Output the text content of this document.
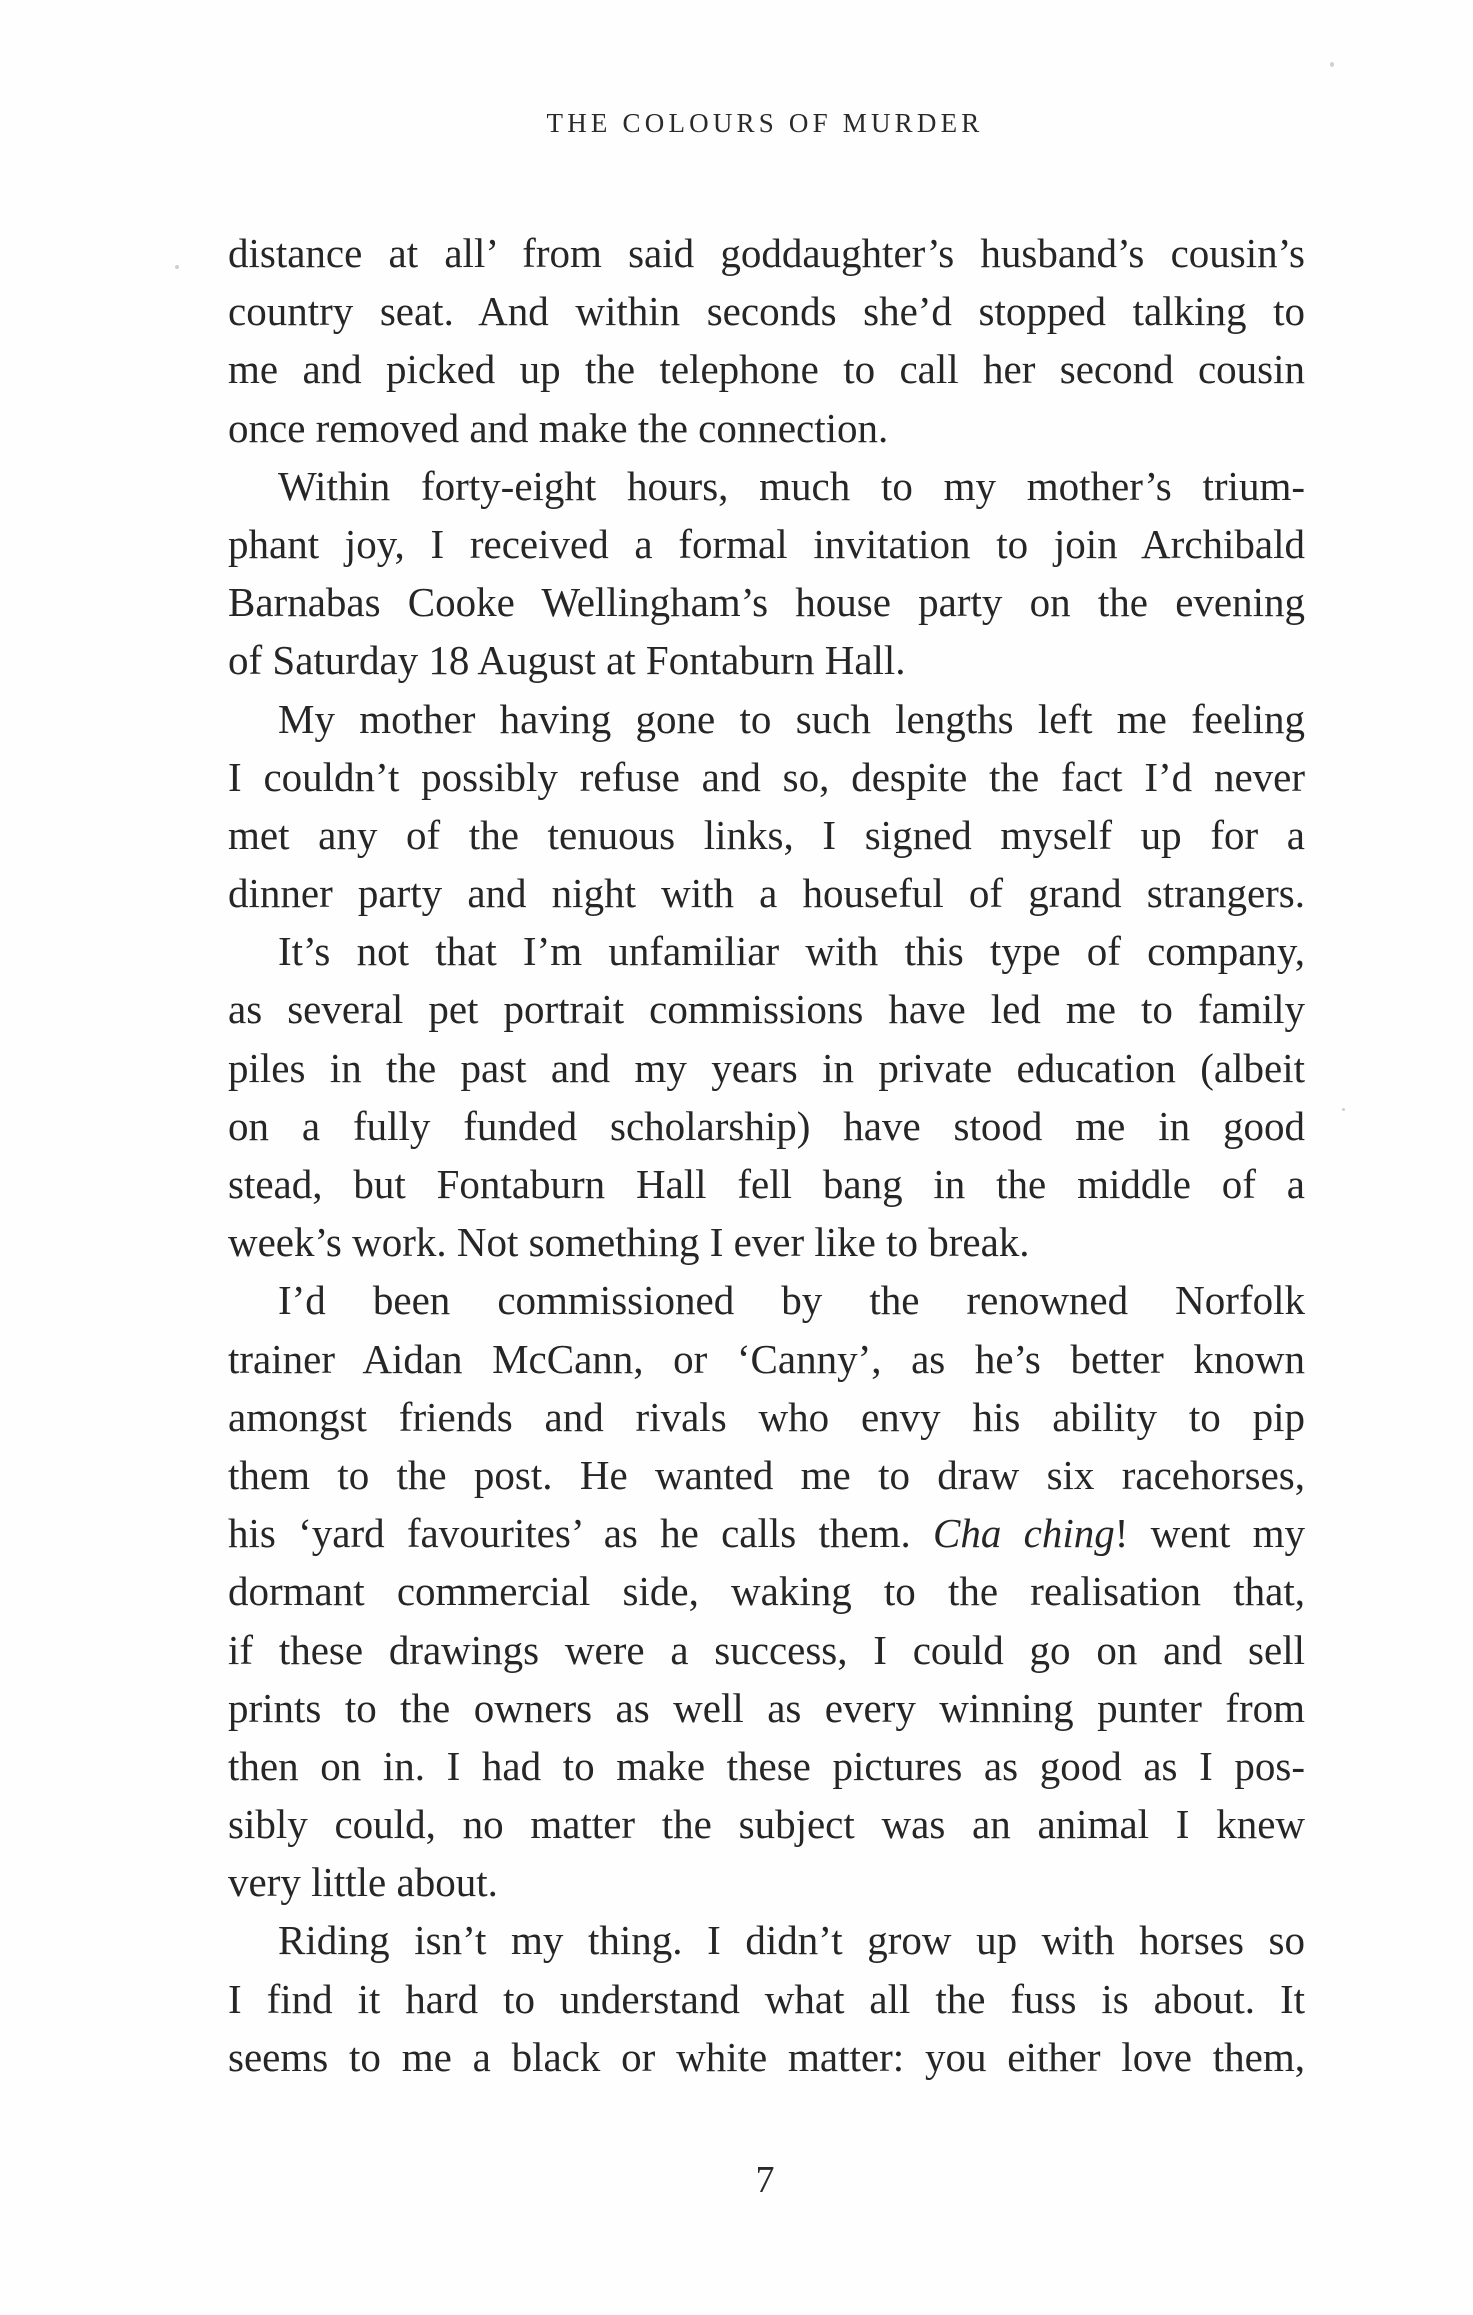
THE COLOURS OF MURDER
distance at all’ from said goddaughter’s husband’s cousin’s
country seat. And within seconds she’d stopped talking to
me and picked up the telephone to call her second cousin
once removed and make the connection.
Within forty-eight hours, much to my mother’s trium-
phant joy, I received a formal invitation to join Archibald
Barnabas Cooke Wellingham’s house party on the evening
of Saturday 18 August at Fontaburn Hall.
My mother having gone to such lengths left me feeling
I couldn’t possibly refuse and so, despite the fact I’d never
met any of the tenuous links, I signed myself up for a
dinner party and night with a houseful of grand strangers.
It’s not that I’m unfamiliar with this type of company,
as several pet portrait commissions have led me to family
piles in the past and my years in private education (albeit
on a fully funded scholarship) have stood me in good
stead, but Fontaburn Hall fell bang in the middle of a
week’s work. Not something I ever like to break.
I’d been commissioned by the renowned Norfolk
trainer Aidan McCann, or ‘Canny’, as he’s better known
amongst friends and rivals who envy his ability to pip
them to the post. He wanted me to draw six racehorses,
his ‘yard favourites’ as he calls them. Cha ching! went my
dormant commercial side, waking to the realisation that,
if these drawings were a success, I could go on and sell
prints to the owners as well as every winning punter from
then on in. I had to make these pictures as good as I pos-
sibly could, no matter the subject was an animal I knew
very little about.
Riding isn’t my thing. I didn’t grow up with horses so
I find it hard to understand what all the fuss is about. It
seems to me a black or white matter: you either love them,
7
